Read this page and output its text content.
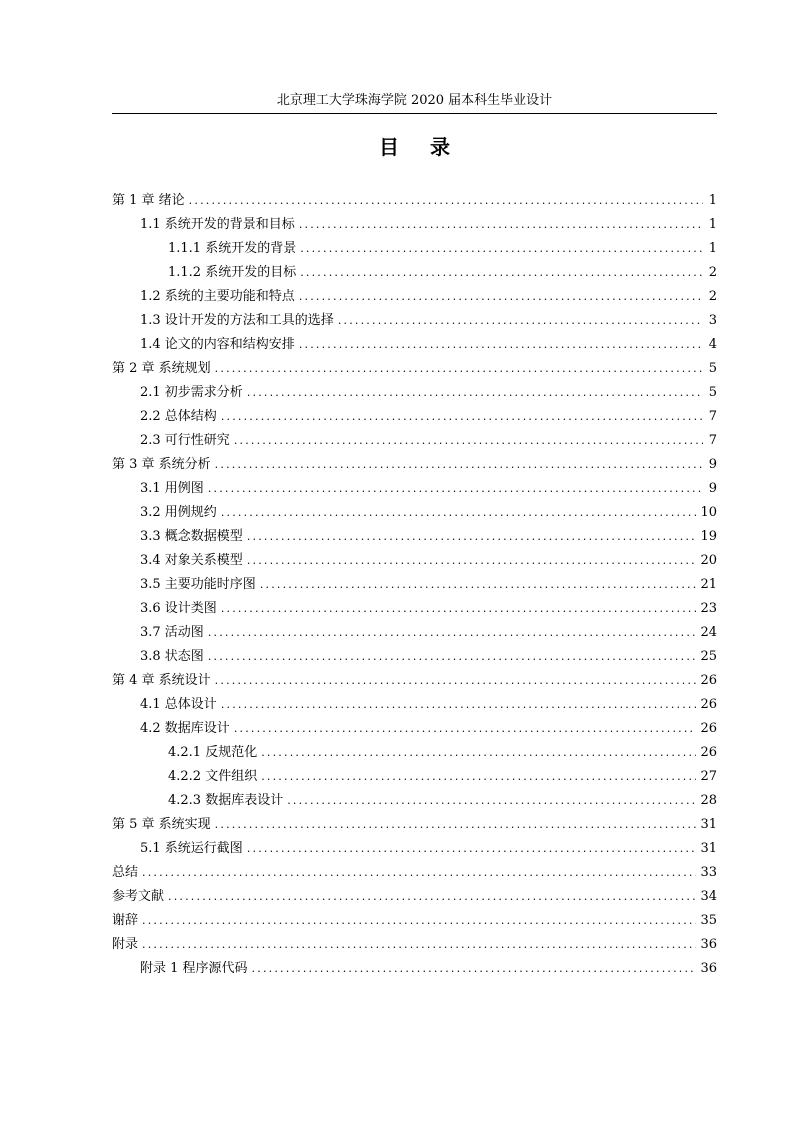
北京理工大学珠海学院 2020 届本科生毕业设计
目 录
第 1 章 绪论 .....	1
1.1 系统开发的背景和目标 .....	1
1.1.1 系统开发的背景 .....	1
1.1.2 系统开发的目标 .....	2
1.2 系统的主要功能和特点 .....	2
1.3 设计开发的方法和工具的选择 .....	3
1.4 论文的内容和结构安排 .....	4
第 2 章 系统规划 .....	5
2.1 初步需求分析 .....	5
2.2 总体结构 .....	7
2.3 可行性研究 .....	7
第 3 章 系统分析 .....	9
3.1 用例图 .....	9
3.2 用例规约 .....	10
3.3 概念数据模型 .....	19
3.4 对象关系模型 .....	20
3.5 主要功能时序图 .....	21
3.6 设计类图 .....	23
3.7 活动图 .....	24
3.8 状态图 .....	25
第 4 章 系统设计 .....	26
4.1 总体设计 .....	26
4.2 数据库设计 .....	26
4.2.1 反规范化 .....	26
4.2.2 文件组织 .....	27
4.2.3 数据库表设计 .....	28
第 5 章 系统实现 .....	31
5.1 系统运行截图 .....	31
总结 .....	33
参考文献 .....	34
谢辞 .....	35
附录 .....	36
附录 1 程序源代码 .....	36
